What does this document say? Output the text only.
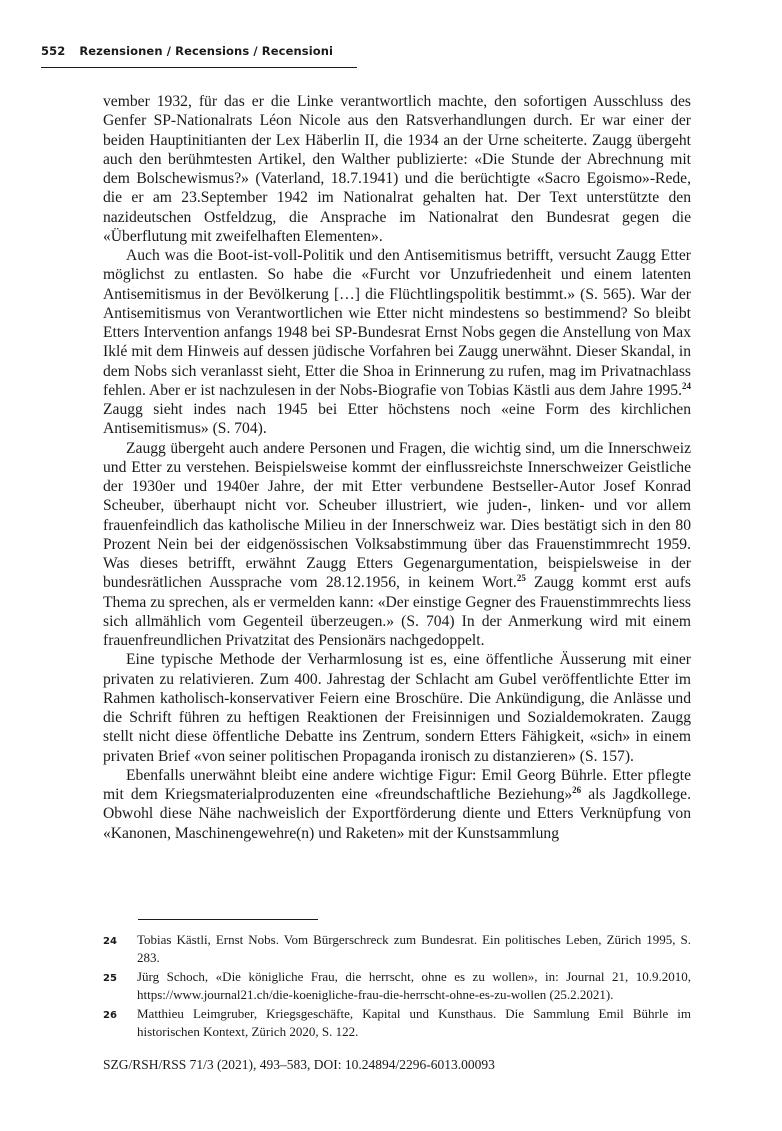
552 Rezensionen / Recensions / Recensioni

vember 1932, für das er die Linke verantwortlich machte, den sofortigen Ausschluss des Genfer SP-Nationalrats Léon Nicole aus den Ratsverhandlungen durch. Er war einer der beiden Hauptinitianten der Lex Häberlin II, die 1934 an der Urne scheiterte. Zaugg übergeht auch den berühmtesten Artikel, den Walther publizierte: «Die Stunde der Abrechnung mit dem Bolschewismus?» (Vaterland, 18.7.1941) und die berüchtigte «Sacro Egoismo»-Rede, die er am 23.September 1942 im Nationalrat gehalten hat. Der Text unterstützte den nazideutschen Ostfeldzug, die Ansprache im Nationalrat den Bundesrat gegen die «Überflutung mit zweifelhaften Elementen».

Auch was die Boot-ist-voll-Politik und den Antisemitismus betrifft, versucht Zaugg Etter möglichst zu entlasten. So habe die «Furcht vor Unzufriedenheit und einem latenten Antisemitismus in der Bevölkerung […] die Flüchtlingspolitik bestimmt.» (S. 565). War der Antisemitismus von Verantwortlichen wie Etter nicht mindestens so bestimmend? So bleibt Etters Intervention anfangs 1948 bei SP-Bundesrat Ernst Nobs gegen die Anstellung von Max Iklé mit dem Hinweis auf dessen jüdische Vorfahren bei Zaugg unerwähnt. Dieser Skandal, in dem Nobs sich veranlasst sieht, Etter die Shoa in Erinnerung zu rufen, mag im Privatnachlass fehlen. Aber er ist nachzulesen in der Nobs-Biografie von Tobias Kästli aus dem Jahre 1995.24 Zaugg sieht indes nach 1945 bei Etter höchstens noch «eine Form des kirchlichen Antisemitismus» (S. 704).

Zaugg übergeht auch andere Personen und Fragen, die wichtig sind, um die Innerschweiz und Etter zu verstehen. Beispielsweise kommt der einflussreichste Innerschweizer Geistliche der 1930er und 1940er Jahre, der mit Etter verbundene Bestseller-Autor Josef Konrad Scheuber, überhaupt nicht vor. Scheuber illustriert, wie juden-, linken- und vor allem frauenfeindlich das katholische Milieu in der Innerschweiz war. Dies bestätigt sich in den 80 Prozent Nein bei der eidgenössischen Volksabstimmung über das Frauenstimmrecht 1959. Was dieses betrifft, erwähnt Zaugg Etters Gegenargumentation, beispielsweise in der bundesrätlichen Aussprache vom 28.12.1956, in keinem Wort.$^{25}$ Zaugg kommt erst aufs Thema zu sprechen, als er vermelden kann: «Der einstige Gegner des Frauenstimmrechts liess sich allmählich vom Gegenteil überzeugen.» (S. 704) In der Anmerkung wird mit einem frauenfreundlichen Privatzitat des Pensionärs nachgedoppelt.

Eine typische Methode der Verharmlosung ist es, eine öffentliche Äusserung mit einer privaten zu relativieren. Zum 400. Jahrestag der Schlacht am Gubel veröffentlichte Etter im Rahmen katholisch-konservativer Feiern eine Broschüre. Die Ankündigung, die Anlässe und die Schrift führen zu heftigen Reaktionen der Freisinnigen und Sozialdemokraten. Zaugg stellt nicht diese öffentliche Debatte ins Zentrum, sondern Etters Fähigkeit, «sich» in einem privaten Brief «von seiner politischen Propaganda ironisch zu distanzieren» (S. 157).

Ebenfalls unerwähnt bleibt eine andere wichtige Figur: Emil Georg Bührle. Etter pflegte mit dem Kriegsmaterialproduzenten eine «freundschaftliche Beziehung»$^{26}$ als Jagdkollege. Obwohl diese Nähe nachweislich der Exportförderung diente und Etters Verknüpfung von «Kanonen, Maschinengewehre(n) und Raketen» mit der Kunstsammlung

24	Tobias Kästli, Ernst Nobs. Vom Bürgerschreck zum Bundesrat. Ein politisches Leben, Zürich 1995, S. 283.
25	Jürg Schoch, «Die königliche Frau, die herrscht, ohne es zu wollen», in: Journal 21, 10.9.2010, https://www.journal21.ch/die-koenigliche-frau-die-herrscht-ohne-es-zu-wollen (25.2.2021).
26	Matthieu Leimgruber, Kriegsgeschäfte, Kapital und Kunsthaus. Die Sammlung Emil Bührle im historischen Kontext, Zürich 2020, S. 122.
SZG/RSH/RSS 71/3 (2021), 493–583, DOI: 10.24894/2296-6013.00093
